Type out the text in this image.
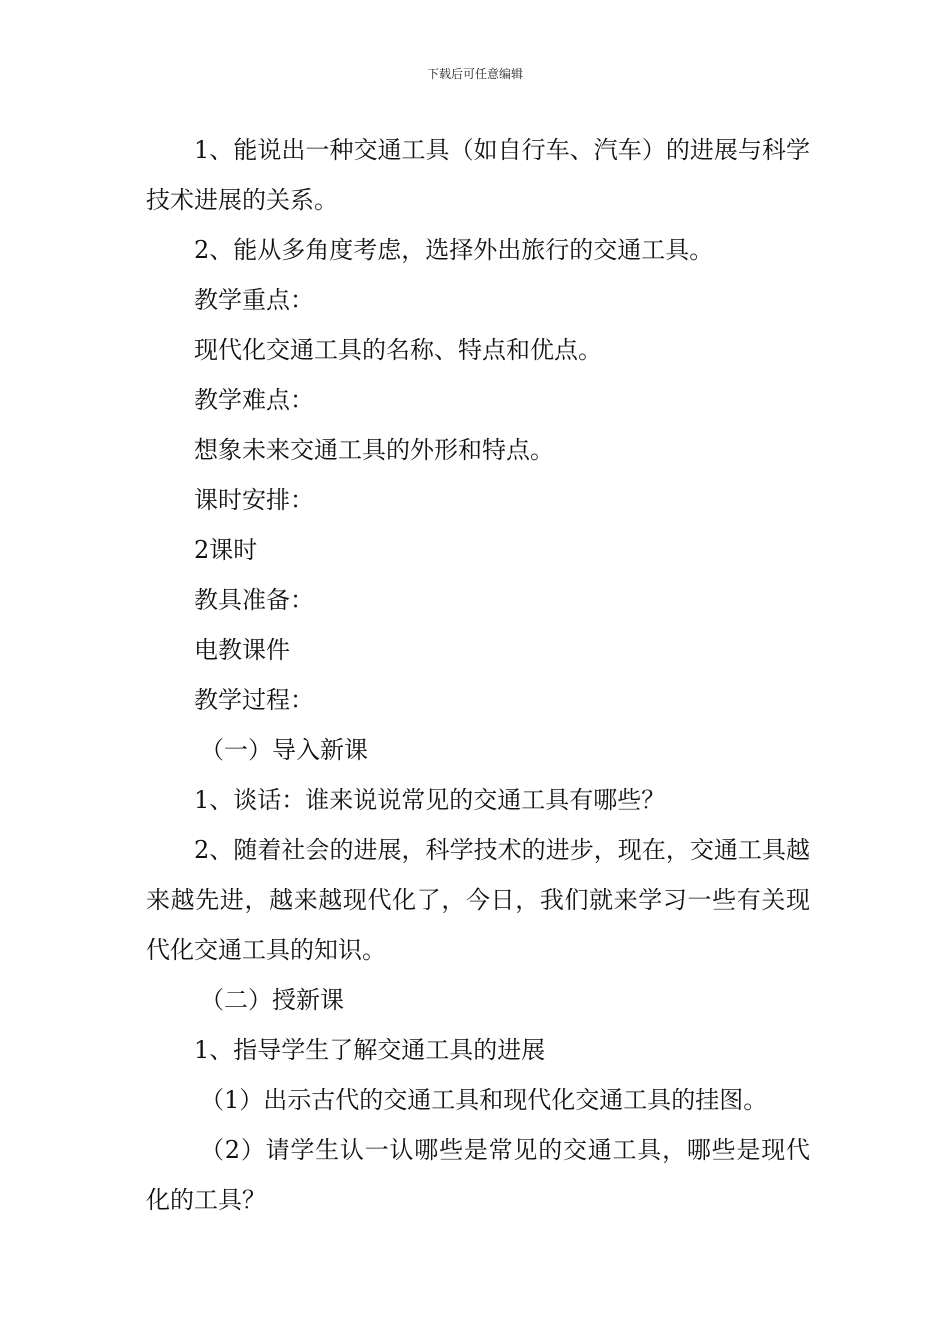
下载后可任意编辑

1、能说出一种交通工具（如自行车、汽车）的进展与科学技术进展的关系。

2、能从多角度考虑，选择外出旅行的交通工具。

教学重点：

现代化交通工具的名称、特点和优点。

教学难点：

想象未来交通工具的外形和特点。

课时安排：

2课时

教具准备：

电教课件

教学过程：

（一）导入新课

1、谈话：谁来说说常见的交通工具有哪些？

2、随着社会的进展，科学技术的进步，现在，交通工具越来越先进，越来越现代化了，今日，我们就来学习一些有关现代化交通工具的知识。

（二）授新课

1、指导学生了解交通工具的进展

（1）出示古代的交通工具和现代化交通工具的挂图。

（2）请学生认一认哪些是常见的交通工具，哪些是现代化的工具？
